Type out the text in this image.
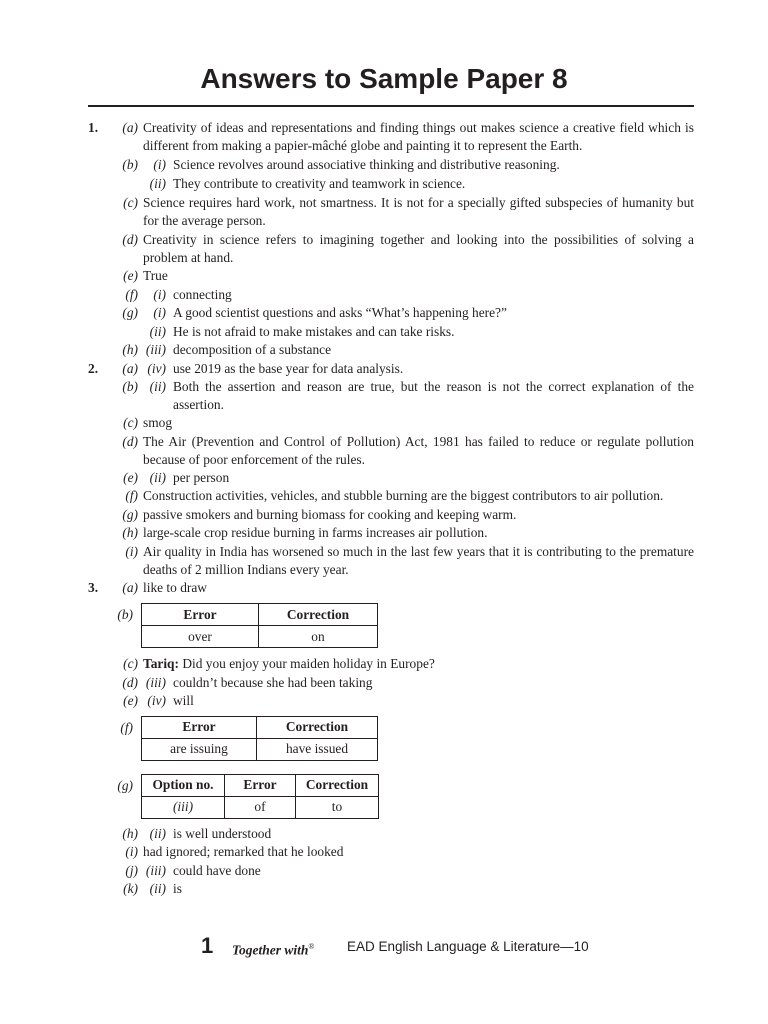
Answers to Sample Paper 8
1.	(a) Creativity of ideas and representations and finding things out makes science a creative field which is different from making a papier-mâché globe and painting it to represent the Earth.
(b)	(i) Science revolves around associative thinking and distributive reasoning.
(ii) They contribute to creativity and teamwork in science.
(c) Science requires hard work, not smartness. It is not for a specially gifted subspecies of humanity but for the average person.
(d) Creativity in science refers to imagining together and looking into the possibilities of solving a problem at hand.
(e) True
(f)	(i) connecting
(g)	(i) A good scientist questions and asks “What’s happening here?”
(ii) He is not afraid to make mistakes and can take risks.
(h) (iii) decomposition of a substance
2.	(a) (iv) use 2019 as the base year for data analysis.
(b) (ii) Both the assertion and reason are true, but the reason is not the correct explanation of the assertion.
(c) smog
(d) The Air (Prevention and Control of Pollution) Act, 1981 has failed to reduce or regulate pollution because of poor enforcement of the rules.
(e) (ii) per person
(f) Construction activities, vehicles, and stubble burning are the biggest contributors to air pollution.
(g) passive smokers and burning biomass for cooking and keeping warm.
(h) large-scale crop residue burning in farms increases air pollution.
(i) Air quality in India has worsened so much in the last few years that it is contributing to the premature deaths of 2 million Indians every year.
3.	(a) like to draw
(b)	Error	Correction
over	on
(c) Tariq: Did you enjoy your maiden holiday in Europe?
(d) (iii) couldn’t because she had been taking
(e) (iv) will
(f)	Error	Correction
are issuing	have issued
(g) Option no.	Error	Correction
(iii)	of	to
(h) (ii) is well understood
(i) had ignored; remarked that he looked
(j) (iii) could have done
(k) (ii) is
1 Together with® EAD English Language & Literature—10
